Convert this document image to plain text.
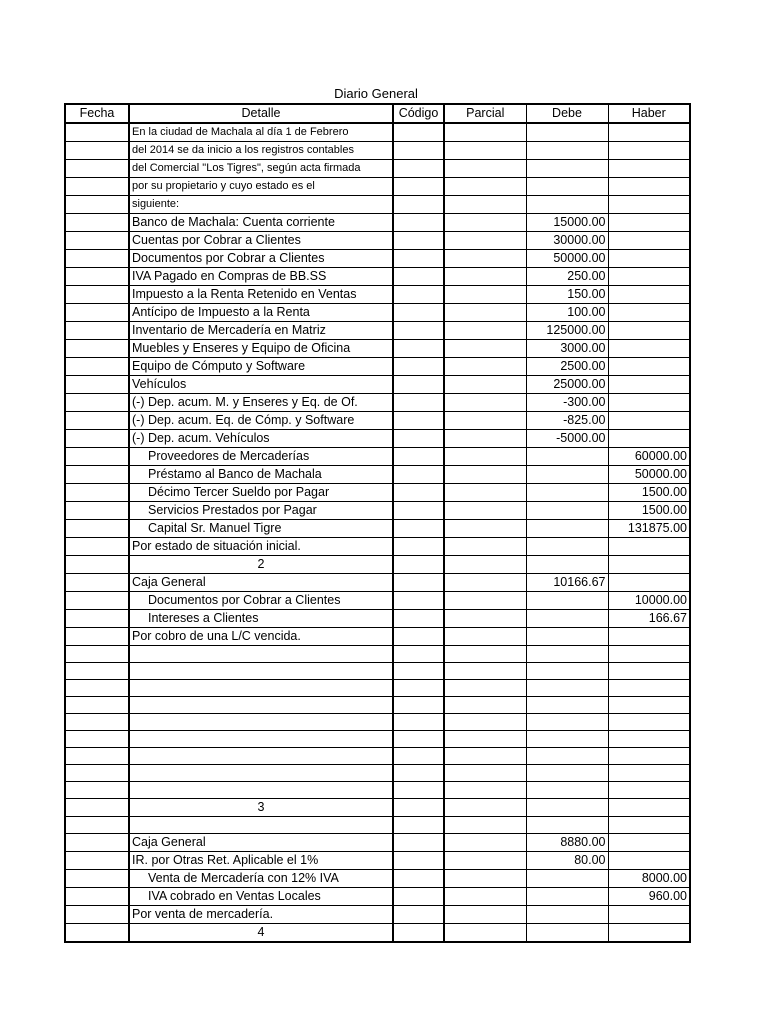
Diario General
Fecha	Detalle	Código	Parcial	Debe	Haber
	En la ciudad de Machala al día 1 de Febrero				
	del 2014 se da inicio a los registros contables				
	del Comercial "Los Tigres", según acta firmada				
	por su propietario y cuyo estado es el				
	siguiente:				
	Banco de Machala: Cuenta corriente			15000.00	
	Cuentas por Cobrar a Clientes			30000.00	
	Documentos por Cobrar a Clientes			50000.00	
	IVA Pagado en Compras de BB.SS			250.00	
	Impuesto a la Renta Retenido en Ventas			150.00	
	Antícipo de Impuesto a la Renta			100.00	
	Inventario de Mercadería en Matriz			125000.00	
	Muebles y Enseres y Equipo de Oficina			3000.00	
	Equipo de Cómputo y Software			2500.00	
	Vehículos			25000.00	
	(-) Dep. acum. M. y Enseres y Eq. de Of.			-300.00	
	(-) Dep. acum. Eq. de Cómp. y Software			-825.00	
	(-) Dep. acum. Vehículos			-5000.00	
	Proveedores de Mercaderías				60000.00
	Préstamo al Banco de Machala				50000.00
	Décimo Tercer Sueldo por Pagar				1500.00
	Servicios Prestados por Pagar				1500.00
	Capital Sr. Manuel Tigre				131875.00
	Por estado de situación inicial.				
	2				
	Caja General			10166.67	
	Documentos por Cobrar a Clientes				10000.00
	Intereses a Clientes				166.67
	Por cobro de una L/C vencida.				

	3				

	Caja General			8880.00	
	IR. por Otras Ret. Aplicable el 1%			80.00	
	Venta de Mercadería con 12% IVA				8000.00
	IVA cobrado en Ventas Locales				960.00
	Por venta de mercadería.				
	4				
